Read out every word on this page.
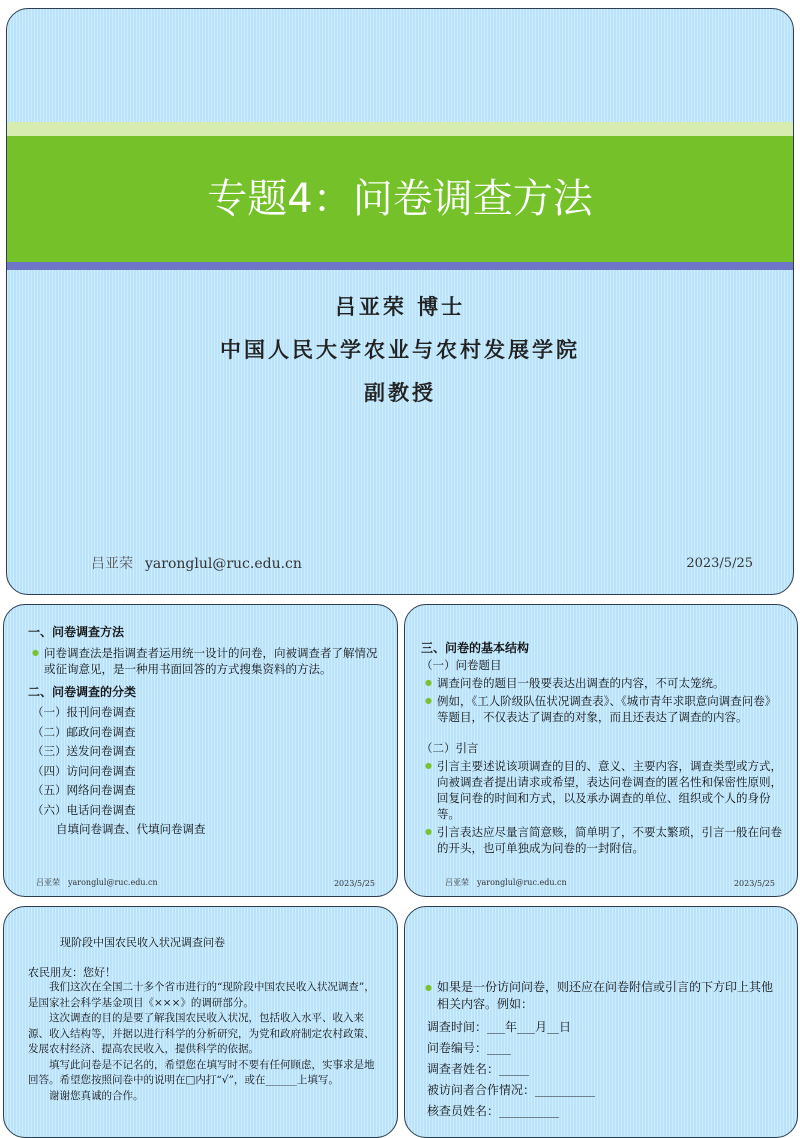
专题4：问卷调查方法
吕亚荣 博士
中国人民大学农业与农村发展学院
副教授
吕亚荣 yaronglul@ruc.edu.cn	2023/5/25

一、问卷调查方法

● 问卷调查法是指调查者运用统一设计的问卷，向被调查者了解情况或征询意见，是一种用书面回答的方式搜集资料的方法。

二、问卷调查的分类

（一）报刊问卷调查

（二）邮政问卷调查

（三）送发问卷调查

（四）访问问卷调查

（五）网络问卷调查

（六）电话问卷调查

自填问卷调查、代填问卷调查

吕亚荣 yaronglul@ruc.edu.cn	2023/5/25

三、问卷的基本结构

（一）问卷题目

● 调查问卷的题目一般要表达出调查的内容，不可太笼统。

● 例如，《工人阶级队伍状况调查表》、《城市青年求职意向调查问卷》等题目，不仅表达了调查的对象，而且还表达了调查的内容。

（二）引言

● 引言主要述说该项调查的目的、意义、主要内容，调查类型或方式，向被调查者提出请求或希望，表达问卷调查的匿名性和保密性原则，回复问卷的时间和方式，以及承办调查的单位、组织或个人的身份等。

● 引言表达应尽量言简意赅，简单明了，不要太繁琐，引言一般在问卷的开头，也可单独成为问卷的一封附信。

吕亚荣 yaronglul@ruc.edu.cn	2023/5/25

现阶段中国农民收入状况调查问卷

农民朋友：您好！

我们这次在全国二十多个省市进行的“现阶段中国农民收入状况调查”，是国家社会科学基金项目《×××》的调研部分。

这次调查的目的是要了解我国农民收入状况，包括收入水平、收入来源、收入结构等，并据以进行科学的分析研究，为党和政府制定农村政策、发展农村经济、提高农民收入，提供科学的依据。

填写此问卷是不记名的，希望您在填写时不要有任何顾虑，实事求是地回答。希望您按照问卷中的说明在□内打“√”，或在______上填写。

谢谢您真诚的合作。

● 如果是一份访问问卷，则还应在问卷附信或引言的下方印上其他相关内容。例如：

调查时间：___年___月__日
问卷编号：____
调查者姓名：_____
被访问者合作情况：__________
核查员姓名：__________
